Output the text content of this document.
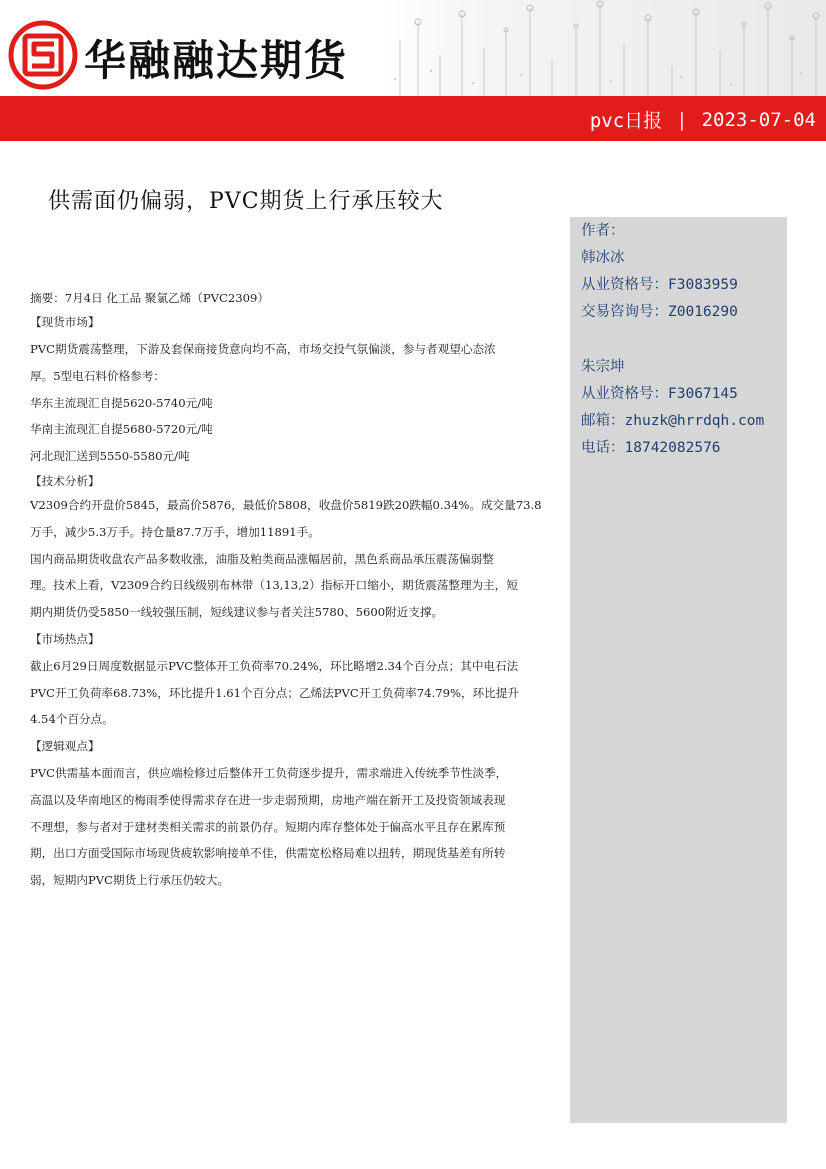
华融融达期货
pvc日报 | 2023-07-04
供需面仍偏弱，PVC期货上行承压较大
作者：
韩冰冰
从业资格号：F3083959
交易咨询号：Z0016290
朱宗坤
从业资格号：F3067145
邮箱：zhuzk@hrrdqh.com
电话：18742082576

摘要：7月4日 化工品 聚氯乙烯（PVC2309）

【现货市场】

PVC期货震荡整理，下游及套保商接货意向均不高，市场交投气氛偏淡，参与者观望心态浓

厚。5型电石料价格参考：

华东主流现汇自提5620-5740元/吨

华南主流现汇自提5680-5720元/吨

河北现汇送到5550-5580元/吨

【技术分析】

V2309合约开盘价5845，最高价5876，最低价5808，收盘价5819跌20跌幅0.34%。成交量73.8

万手，减少5.3万手。持仓量87.7万手，增加11891手。

国内商品期货收盘农产品多数收涨，油脂及粕类商品涨幅居前，黑色系商品承压震荡偏弱整

理。技术上看，V2309合约日线级别布林带（13,13,2）指标开口缩小，期货震荡整理为主，短

期内期货仍受5850一线较强压制，短线建议参与者关注5780、5600附近支撑。

【市场热点】

截止6月29日周度数据显示PVC整体开工负荷率70.24%，环比略增2.34个百分点；其中电石法

PVC开工负荷率68.73%，环比提升1.61个百分点；乙烯法PVC开工负荷率74.79%，环比提升

4.54个百分点。

【逻辑观点】

PVC供需基本面而言，供应端检修过后整体开工负荷逐步提升，需求端进入传统季节性淡季，

高温以及华南地区的梅雨季使得需求存在进一步走弱预期，房地产端在新开工及投资领域表现

不理想，参与者对于建材类相关需求的前景仍存。短期内库存整体处于偏高水平且存在累库预

期，出口方面受国际市场现货疲软影响接单不佳，供需宽松格局难以扭转，期现货基差有所转

弱，短期内PVC期货上行承压仍较大。
